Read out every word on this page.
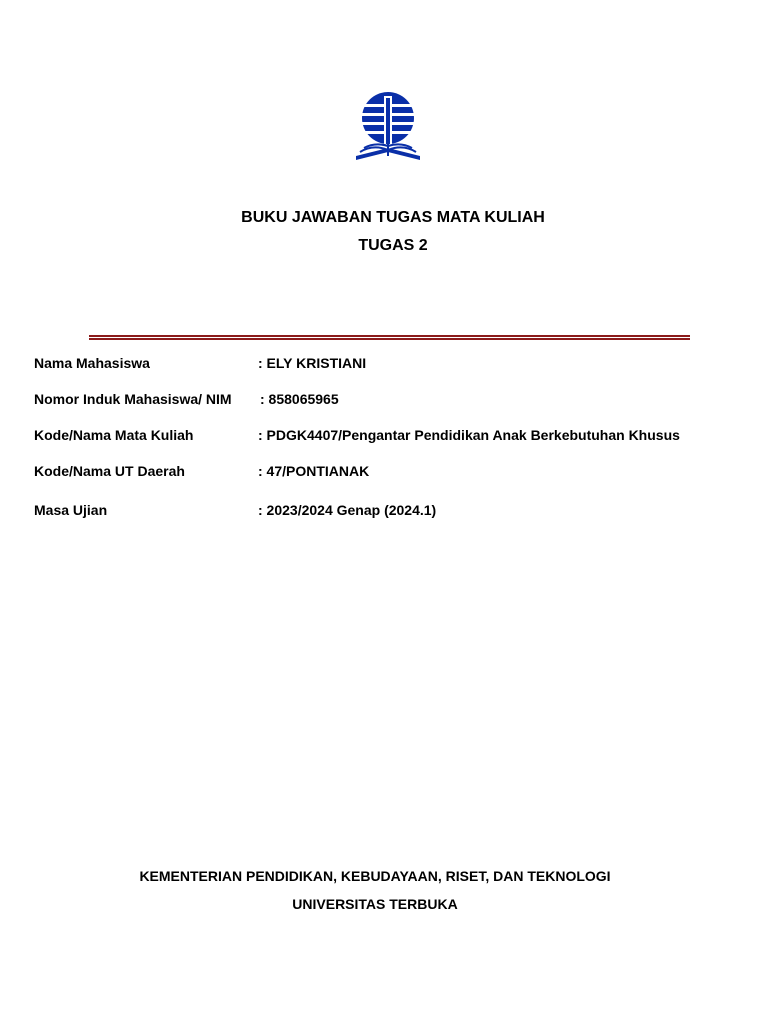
BUKU JAWABAN TUGAS MATA KULIAH
TUGAS 2
Nama Mahasiswa	: ELY KRISTIANI
Nomor Induk Mahasiswa/ NIM : 858065965
Kode/Nama Mata Kuliah	: PDGK4407/Pengantar Pendidikan Anak Berkebutuhan Khusus
Kode/Nama UT Daerah	: 47/PONTIANAK
Masa Ujian	: 2023/2024 Genap (2024.1)

KEMENTERIAN PENDIDIKAN, KEBUDAYAAN, RISET, DAN TEKNOLOGI

UNIVERSITAS TERBUKA
